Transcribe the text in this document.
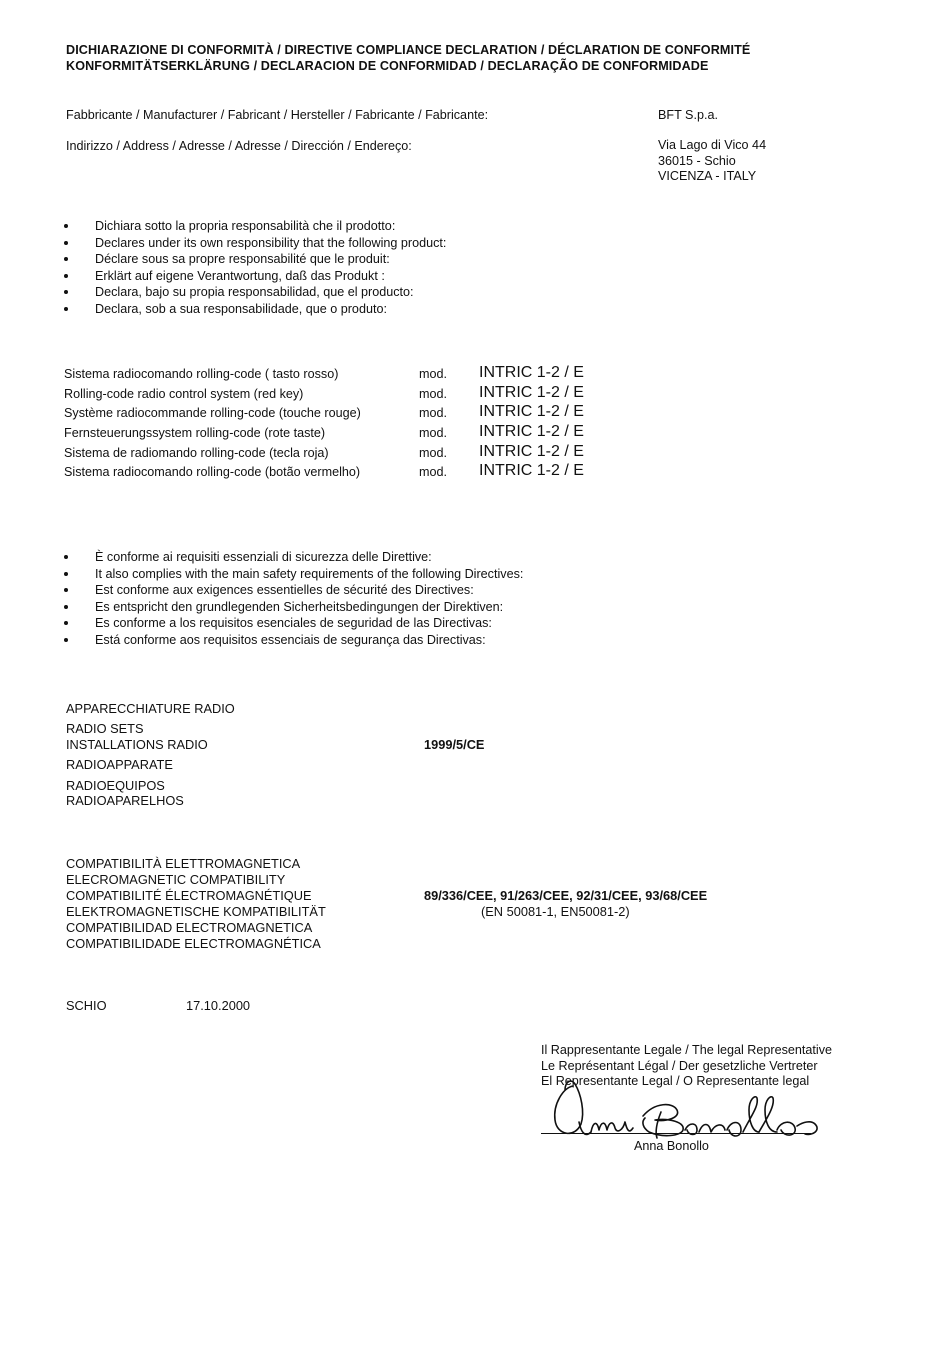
DICHIARAZIONE DI CONFORMITÀ / DIRECTIVE COMPLIANCE DECLARATION / DÉCLARATION DE CONFORMITÉ
KONFORMITÄTSERKLÄRUNG / DECLARACION DE CONFORMIDAD / DECLARAÇÃO DE CONFORMIDADE
Fabbricante / Manufacturer / Fabricant / Hersteller / Fabricante / Fabricante:	BFT S.p.a.
Indirizzo / Address / Adresse / Adresse / Dirección / Endereço:	Via Lago di Vico 44
36015 - Schio
VICENZA - ITALY
Dichiara sotto la propria responsabilità che il prodotto:
Declares under its own responsibility that the following product:
Déclare sous sa propre responsabilité que le produit:
Erklärt auf eigene Verantwortung, daß das Produkt :
Declara, bajo su propia responsabilidad, que el producto:
Declara, sob a sua responsabilidade, que o produto:
Sistema radiocomando rolling-code ( tasto rosso)	mod. INTRIC 1-2 / E
Rolling-code radio control system (red key)	mod. INTRIC 1-2 / E
Système radiocommande rolling-code (touche rouge)	mod. INTRIC 1-2 / E
Fernsteuerungssystem rolling-code (rote taste)	mod. INTRIC 1-2 / E
Sistema de radiomando rolling-code (tecla roja)	mod. INTRIC 1-2 / E
Sistema radiocomando rolling-code (botão vermelho)	mod. INTRIC 1-2 / E
È conforme ai requisiti essenziali di sicurezza delle Direttive:
It also complies with the main safety requirements of the following Directives:
Est conforme aux exigences essentielles de sécurité des Directives:
Es entspricht den grundlegenden Sicherheitsbedingungen der Direktiven:
Es conforme a los requisitos esenciales de seguridad de las Directivas:
Está conforme aos requisitos essenciais de segurança das Directivas:
APPARECCHIATURE RADIO
RADIO SETS
INSTALLATIONS RADIO
RADIOAPPARATE
RADIOEQUIPOS
RADIOAPARELHOS
1999/5/CE
COMPATIBILITÀ ELETTROMAGNETICA
ELECROMAGNETIC COMPATIBILITY
COMPATIBILITÉ ÉLECTROMAGNÉTIQUE
ELEKTROMAGNETISCHE KOMPATIBILITÄT
COMPATIBILIDAD ELECTROMAGNETICA
COMPATIBILIDADE ELECTROMAGNÉTICA
89/336/CEE, 91/263/CEE, 92/31/CEE, 93/68/CEE
(EN 50081-1, EN50081-2)
SCHIO	17.10.2000
Il Rappresentante Legale / The legal Representative
Le Représentant Légal / Der gesetzliche Vertreter
El Representante Legal / O Representante legal
Anna Bonollo
